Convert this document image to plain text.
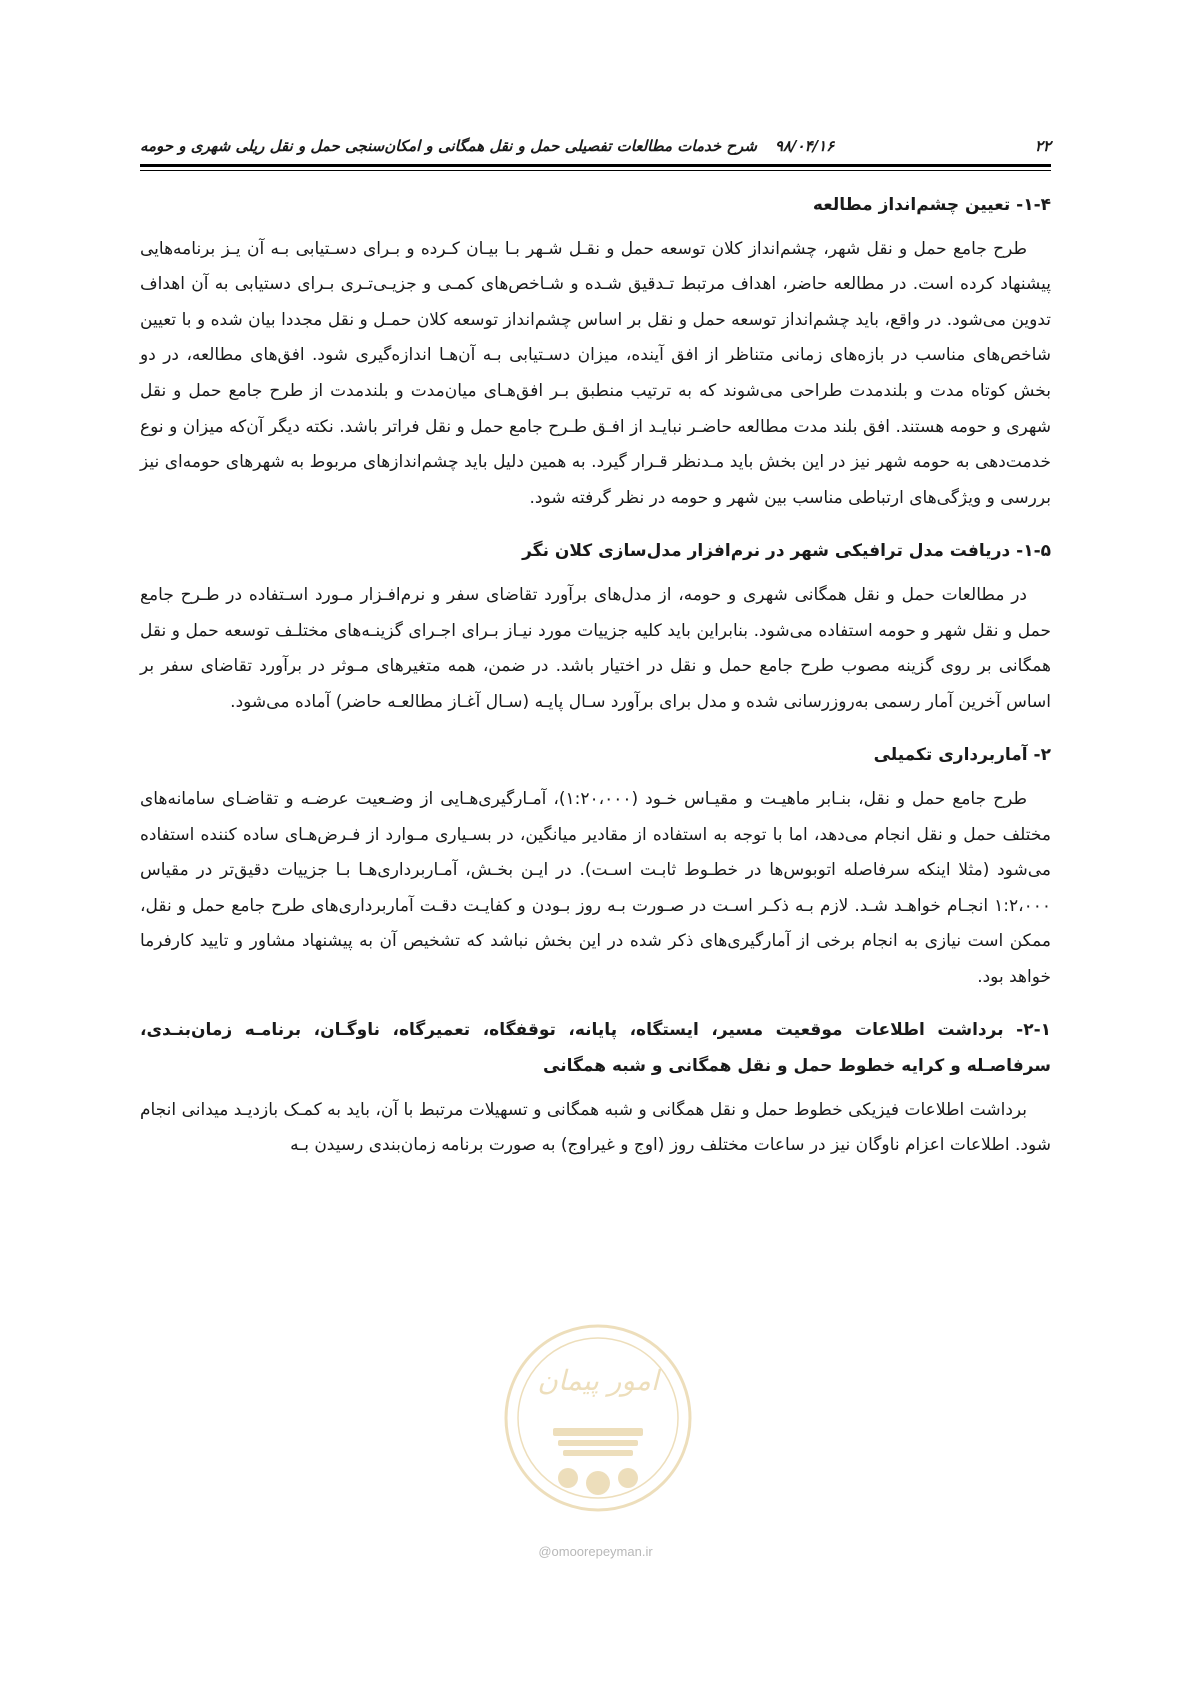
۲۲
۹۸/۰۴/۱۶
شرح خدمات مطالعات تفصیلی حمل و نقل همگانی و امکان‌سنجی حمل و نقل ریلی شهری و حومه

۱-۴- تعیین چشم‌انداز مطالعه

طرح جامع حمل و نقل شهر، چشم‌انداز کلان توسعه حمل و نقـل شـهر بـا بیـان کـرده و بـرای دسـتیابی بـه آن یـز برنامه‌هایی پیشنهاد کرده است. در مطالعه حاضر، اهداف مرتبط تـدقیق شـده و شـاخص‌های کمـی و جزیـی‌تـری بـرای دستیابی به آن اهداف تدوین می‌شود. در واقع، باید چشم‌انداز توسعه حمل و نقل بر اساس چشم‌انداز توسعه کلان حمـل و نقل مجددا بیان شده و با تعیین شاخص‌های مناسب در بازه‌های زمانی متناظر از افق آینده، میزان دسـتیابی بـه آن‌هـا اندازه‌گیری شود. افق‌های مطالعه، در دو بخش کوتاه مدت و بلندمدت طراحی می‌شوند که به ترتیب منطبق بـر افق‌هـای میان‌مدت و بلندمدت از طرح جامع حمل و نقل شهری و حومه هستند. افق بلند مدت مطالعه حاضـر نبایـد از افـق طـرح جامع حمل و نقل فراتر باشد. نکته دیگر آن‌که میزان و نوع خدمت‌دهی به حومه شهر نیز در این بخش باید مـدنظر قـرار گیرد. به همین دلیل باید چشم‌اندازهای مربوط به شهرهای حومه‌ای نیز بررسی و ویژگی‌های ارتباطی مناسب بین شهر و حومه در نظر گرفته شود.

۱-۵- دریافت مدل ترافیکی شهر در نرم‌افزار مدل‌سازی کلان نگر

در مطالعات حمل و نقل همگانی شهری و حومه، از مدل‌های برآورد تقاضای سفر و نرم‌افـزار مـورد اسـتفاده در طـرح جامع حمل و نقل شهر و حومه استفاده می‌شود. بنابراین باید کلیه جزییات مورد نیـاز بـرای اجـرای گزینـه‌های مختلـف توسعه حمل و نقل همگانی بر روی گزینه مصوب طرح جامع حمل و نقل در اختیار باشد. در ضمن، همه متغیرهای مـوثر در برآورد تقاضای سفر بر اساس آخرین آمار رسمی به‌روزرسانی شده و مدل برای برآورد سـال پایـه (سـال آغـاز مطالعـه حاضر) آماده می‌شود.

۲- آماربرداری تکمیلی

طرح جامع حمل و نقل، بنـابر ماهیـت و مقیـاس خـود (۱:۲۰،۰۰۰)، آمـارگیری‌هـایی از وضـعیت عرضـه و تقاضـای سامانه‌های مختلف حمل و نقل انجام می‌دهد، اما با توجه به استفاده از مقادیر میانگین، در بسـیاری مـوارد از فـرض‌هـای ساده کننده استفاده می‌شود (مثلا اینکه سرفاصله اتوبوس‌ها در خطـوط ثابـت اسـت). در ایـن بخـش، آمـاربرداری‌هـا بـا جزییات دقیق‌تر در مقیاس ۱:۲،۰۰۰ انجـام خواهـد شـد. لازم بـه ذکـر اسـت در صـورت بـه روز بـودن و کفایـت دقـت آماربرداری‌های طرح جامع حمل و نقل، ممکن است نیازی به انجام برخی از آمارگیری‌های ذکر شده در این بخش نباشد که تشخیص آن به پیشنهاد مشاور و تایید کارفرما خواهد بود.

۲-۱- برداشت اطلاعات موقعیت مسیر، ایستگاه، پایانه، توقفگاه، تعمیرگاه، ناوگـان، برنامـه زمان‌بنـدی، سرفاصـله و کرایه خطوط حمل و نقل همگانی و شبه همگانی

برداشت اطلاعات فیزیکی خطوط حمل و نقل همگانی و شبه همگانی و تسهیلات مرتبط با آن، باید به کمـک بازدیـد میدانی انجام شود. اطلاعات اعزام ناوگان نیز در ساعات مختلف روز (اوج و غیراوج) به صورت برنامه زمان‌بندی رسیدن بـه

امور پیمان
@omoorepeyman.ir
